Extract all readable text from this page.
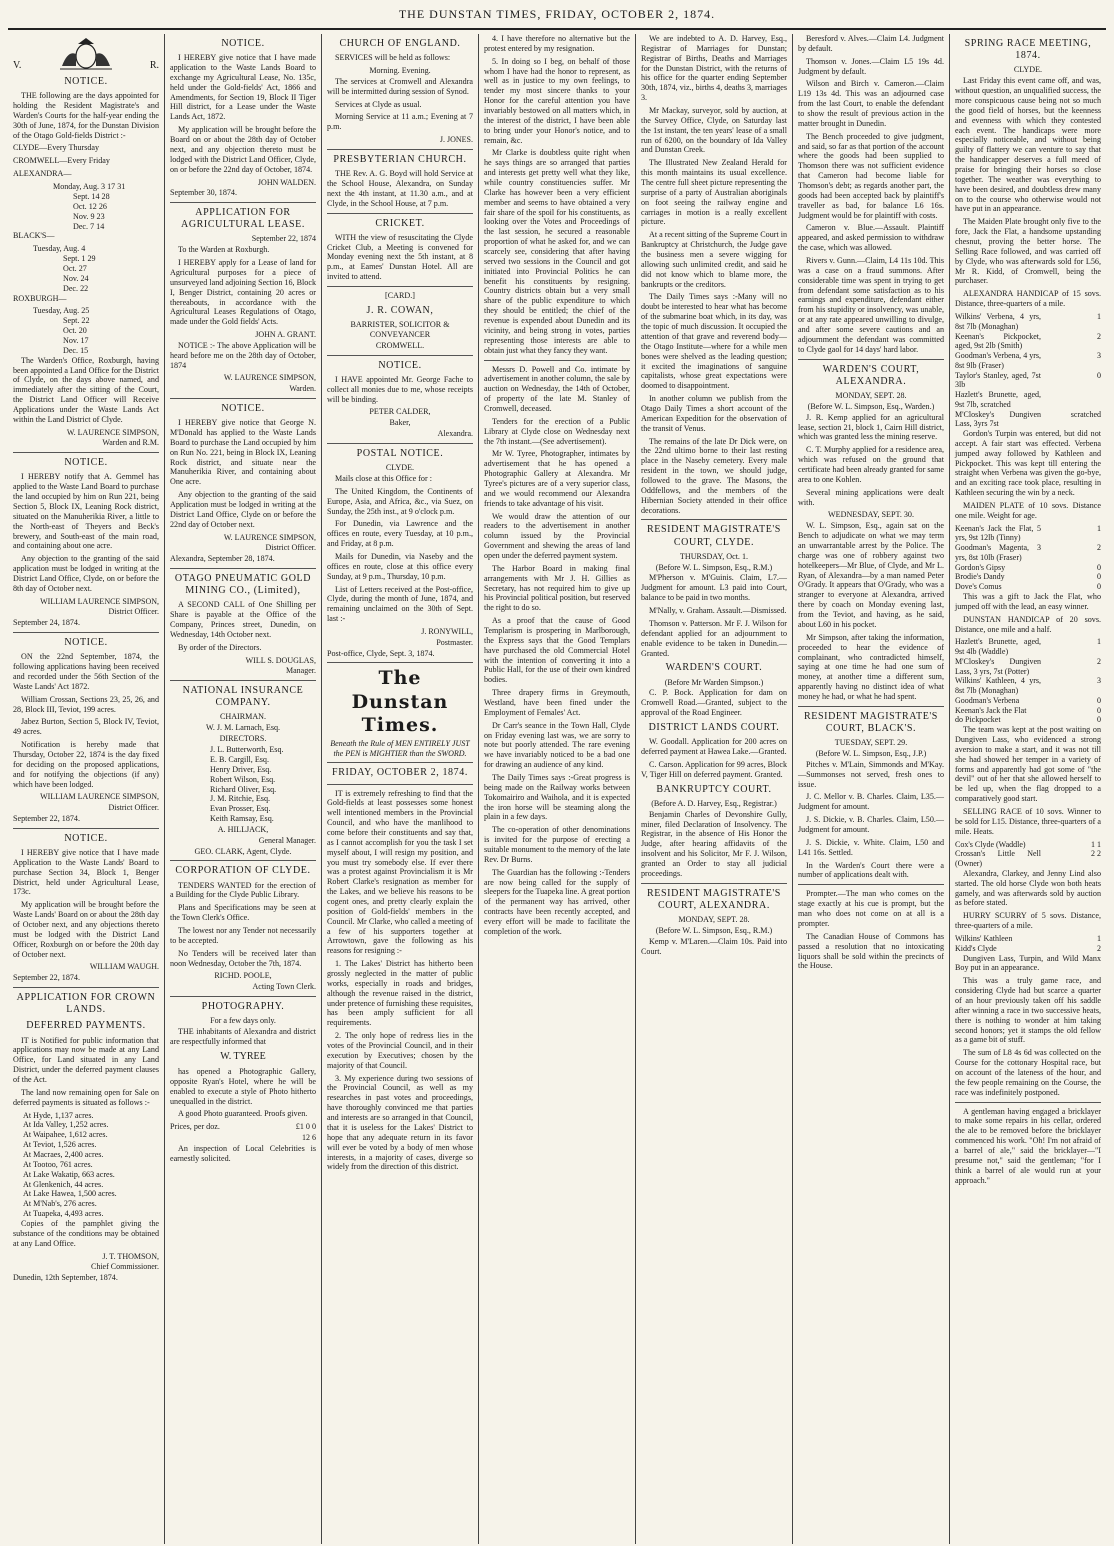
THE DUNSTAN TIMES, FRIDAY, OCTOBER 2, 1874.
V.	R.
NOTICE.

THE following are the days appointed for holding the Resident Magistrate's and Warden's Courts for the half-year ending the 30th of June, 1874, for the Dunstan Division of the Otago Gold-fields District :-

CLYDE—Every Thursday

CROMWELL—Every Friday

ALEXANDRA—

Monday, Aug. 3 17 31
Sept. 14 28
Oct. 12 26
Nov. 9 23
Dec. 7 14

BLACK'S—

Tuesday, Aug. 4
Sept. 1 29
Oct. 27
Nov. 24
Dec. 22

ROXBURGH—

Tuesday, Aug. 25
Sept. 22
Oct. 20
Nov. 17
Dec. 15

The Warden's Office, Roxburgh, having been appointed a Land Office for the District of Clyde, on the days above named, and immediately after the sitting of the Court, the District Land Officer will Receive Applications under the Waste Lands Act within the Land District of Clyde.

W. LAURENCE SIMPSON,
Warden and R.M.
NOTICE.

I HEREBY notify that A. Gemmel has applied to the Waste Land Board to purchase the land occupied by him on Run 221, being Section 5, Block IX, Leaning Rock district, situated on the Manuherikia River, a little to the North-east of Theyers and Beck's brewery, and South-east of the main road, and containing about one acre.

Any objection to the granting of the said application must be lodged in writing at the District Land Office, Clyde, on or before the 8th day of October next.

WILLIAM LAURENCE SIMPSON,
District Officer.

September 24, 1874.

NOTICE.

ON the 22nd September, 1874, the following applications having been received and recorded under the 56th Section of the Waste Lands' Act 1872.

William Crossan, Sections 23, 25, 26, and 28, Block III, Teviot, 199 acres.

Jabez Burton, Section 5, Block IV, Teviot, 49 acres.

Notification is hereby made that Thursday, October 22, 1874 is the day fixed for deciding on the proposed applications, and for notifying the objections (if any) which have been lodged.

WILLIAM LAURENCE SIMPSON,
District Officer.

September 22, 1874.

NOTICE.

I HEREBY give notice that I have made Application to the Waste Lands' Board to purchase Section 34, Block 1, Benger District, held under Agricultural Lease, 173c.

My application will be brought before the Waste Lands' Board on or about the 28th day of October next, and any objections thereto must be lodged with the District Land Officer, Roxburgh on or before the 20th day of October next.

WILLIAM WAUGH.

September 22, 1874.

APPLICATION FOR CROWN LANDS.
DEFERRED PAYMENTS.

IT is Notified for public information that applications may now be made at any Land Office, for Land situated in any Land District, under the deferred payment clauses of the Act.

The land now remaining open for Sale on deferred payments is situated as follows :-

At Hyde, 1,137 acres.
At Ida Valley, 1,252 acres.
At Waipahee, 1,612 acres.
At Teviot, 1,526 acres.
At Macraes, 2,400 acres.
At Tootoo, 761 acres.
At Lake Wakatip, 663 acres.
At Glenkenich, 44 acres.
At Lake Hawea, 1,500 acres.
At M'Nab's, 276 acres.
At Tuapeka, 4,493 acres.

Copies of the pamphlet giving the substance of the conditions may be obtained at any Land Office.

J. T. THOMSON,
Chief Commissioner.

Dunedin, 12th September, 1874.

NOTICE.

I HEREBY give notice that I have made application to the Waste Lands Board to exchange my Agricultural Lease, No. 135c, held under the Gold-fields' Act, 1866 and Amendments, for Section 19, Block II Tiger Hill district, for a Lease under the Waste Lands Act, 1872.

My application will be brought before the Board on or about the 28th day of October next, and any objection thereto must be lodged with the District Land Officer, Clyde, on or before the 22nd day of October, 1874.

JOHN WALDEN.

September 30, 1874.

APPLICATION FOR AGRICULTURAL LEASE.
September 22, 1874

To the Warden at Roxburgh.

I HEREBY apply for a Lease of land for Agricultural purposes for a piece of unsurveyed land adjoining Section 16, Block I, Benger District, containing 20 acres or thereabouts, in accordance with the Agricultural Leases Regulations of Otago, made under the Gold fields' Acts.

JOHN A. GRANT.

NOTICE :- The above Application will be heard before me on the 28th day of October, 1874

W. LAURENCE SIMPSON,
Warden.
NOTICE.

I HEREBY give notice that George N. M'Donald has applied to the Waste Lands Board to purchase the Land occupied by him on Run No. 221, being in Block IX, Leaning Rock district, and situate near the Manuherikia River, and containing about One acre.

Any objection to the granting of the said Application must be lodged in writing at the District Land Office, Clyde on or before the 22nd day of October next.

W. LAURENCE SIMPSON,
District Officer.

Alexandra, September 28, 1874.

OTAGO PNEUMATIC GOLD MINING CO., (Limited),

A SECOND CALL of One Shilling per Share is payable at the Office of the Company, Princes street, Dunedin, on Wednesday, 14th October next.

By order of the Directors.

WILL S. DOUGLAS,
Manager.
NATIONAL INSURANCE COMPANY.
CHAIRMAN.
W. J. M. Larnach, Esq.
DIRECTORS.
J. L. Butterworth, Esq.
E. B. Cargill, Esq.
Henry Driver, Esq.
Robert Wilson, Esq.
Richard Oliver, Esq.
J. M. Ritchie, Esq.
Evan Prosser, Esq.
Keith Ramsay, Esq.
A. HILLJACK,
General Manager.
GEO. CLARK, Agent, Clyde.
CORPORATION OF CLYDE.

TENDERS WANTED for the erection of a Building for the Clyde Public Library.

Plans and Specifications may be seen at the Town Clerk's Office.

The lowest nor any Tender not necessarily to be accepted.

No Tenders will be received later than noon Wednesday, October the 7th, 1874.

RICHD. POOLE,
Acting Town Clerk.
PHOTOGRAPHY.
For a few days only.

THE inhabitants of Alexandra and district are respectfully informed that

W. TYREE

has opened a Photographic Gallery, opposite Ryan's Hotel, where he will be enabled to execute a style of Photo hitherto unequalled in the district.

A good Photo guaranteed. Proofs given.

Prices, per doz.	£1 0 0
12 6

An inspection of Local Celebrities is earnestly solicited.

CHURCH OF ENGLAND.

SERVICES will be held as follows:

Morning. Evening.

The services at Cromwell and Alexandra will be intermitted during session of Synod.

Services at Clyde as usual.

Morning Service at 11 a.m.; Evening at 7 p.m.

J. JONES.
PRESBYTERIAN CHURCH.

THE Rev. A. G. Boyd will hold Service at the School House, Alexandra, on Sunday next the 4th instant, at 11.30 a.m., and at Clyde, in the School House, at 7 p.m.

CRICKET.

WITH the view of resuscitating the Clyde Cricket Club, a Meeting is convened for Monday evening next the 5th instant, at 8 p.m., at Eames' Dunstan Hotel. All are invited to attend.

[CARD.]
J. R. COWAN,
BARRISTER, SOLICITOR & CONVEYANCER
CROMWELL.
NOTICE.

I HAVE appointed Mr. George Fache to collect all monies due to me, whose receipts will be binding.

PETER CALDER,
Baker,
Alexandra.
POSTAL NOTICE.
CLYDE.

Mails close at this Office for :

The United Kingdom, the Continents of Europe, Asia, and Africa, &c., via Suez, on Sunday, the 25th inst., at 9 o'clock p.m.

For Dunedin, via Lawrence and the offices en route, every Tuesday, at 10 p.m., and Friday, at 8 p.m.

Mails for Dunedin, via Naseby and the offices en route, close at this office every Sunday, at 9 p.m., Thursday, 10 p.m.

List of Letters received at the Post-office, Clyde, during the month of June, 1874, and remaining unclaimed on the 30th of Sept. last :-

J. RONYWILL,
Postmaster.

Post-office, Clyde, Sept. 3, 1874.

The Dunstan Times.
Beneath the Rule of MEN ENTIRELY JUST the PEN is MIGHTIER than the SWORD.
FRIDAY, OCTOBER 2, 1874.

IT is extremely refreshing to find that the Gold-fields at least possesses some honest well intentioned members in the Provincial Council, and who have the manlihood to come before their constituents and say that, as I cannot accomplish for you the task I set myself about, I will resign my position, and you must try somebody else. If ever there was a protest against Provincialism it is Mr Robert Clarke's resignation as member for the Lakes, and we believe his reasons to be cogent ones, and pretty clearly explain the position of Gold-fields' members in the Council. Mr Clarke, who called a meeting of a few of his supporters together at Arrowtown, gave the following as his reasons for resigning :-

1. The Lakes' District has hitherto been grossly neglected in the matter of public works, especially in roads and bridges, although the revenue raised in the district, under pretence of furnishing these requisites, has been amply sufficient for all requirements.

2. The only hope of redress lies in the votes of the Provincial Council, and in their execution by Executives; chosen by the majority of that Council.

3. My experience during two sessions of the Provincial Council, as well as my researches in past votes and proceedings, have thoroughly convinced me that parties and interests are so arranged in that Council, that it is useless for the Lakes' District to hope that any adequate return in its favor will ever be voted by a body of men whose interests, in a majority of cases, diverge so widely from the direction of this district.

4. I have therefore no alternative but the protest entered by my resignation.

5. In doing so I beg, on behalf of those whom I have had the honor to represent, as well as in justice to my own feelings, to tender my most sincere thanks to your Honor for the careful attention you have invariably bestowed on all matters which, in the interest of the district, I have been able to bring under your Honor's notice, and to remain, &c.

Mr Clarke is doubtless quite right when he says things are so arranged that parties and interests get pretty well what they like, while country constituencies suffer. Mr Clarke has however been a very efficient member and seems to have obtained a very fair share of the spoil for his constituents, as looking over the Votes and Proceedings of the last session, he secured a reasonable proportion of what he asked for, and we can scarcely see, considering that after having served two sessions in the Council and got initiated into Provincial Politics he can benefit his constituents by resigning. Country districts obtain but a very small share of the public expenditure to which they should be entitled; the chief of the revenue is expended about Dunedin and its vicinity, and being strong in votes, parties representing those interests are able to obtain just what they fancy they want.

Messrs D. Powell and Co. intimate by advertisement in another column, the sale by auction on Wednesday, the 14th of October, of property of the late M. Stanley of Cromwell, deceased.

Tenders for the erection of a Public Library at Clyde close on Wednesday next the 7th instant.—(See advertisement).

Mr W. Tyree, Photographer, intimates by advertisement that he has opened a Photographic Gallery at Alexandra. Mr Tyree's pictures are of a very superior class, and we would recommend our Alexandra friends to take advantage of his visit.

We would draw the attention of our readers to the advertisement in another column issued by the Provincial Government and shewing the areas of land open under the deferred payment system.

The Harbor Board in making final arrangements with Mr J. H. Gillies as Secretary, has not required him to give up his Provincial political position, but reserved the right to do so.

As a proof that the cause of Good Templarism is prospering in Marlborough, the Express says that the Good Templars have purchased the old Commercial Hotel with the intention of converting it into a Public Hall, for the use of their own kindred bodies.

Three drapery firms in Greymouth, Westland, have been fined under the Employment of Females' Act.

Dr Carr's seance in the Town Hall, Clyde on Friday evening last was, we are sorry to note but poorly attended. The rare evening we have invariably noticed to be a bad one for drawing an audience of any kind.

The Daily Times says :-Great progress is being made on the Railway works between Tokomairiro and Waihola, and it is expected the iron horse will be steaming along the plain in a few days.

The co-operation of other denominations is invited for the purpose of erecting a suitable monument to the memory of the late Rev. Dr Burns.

The Guardian has the following :-Tenders are now being called for the supply of sleepers for the Tuapeka line. A great portion of the permanent way has arrived, other contracts have been recently accepted, and every effort will be made to facilitate the completion of the work.

We are indebted to A. D. Harvey, Esq., Registrar of Marriages for Dunstan; Registrar of Births, Deaths and Marriages for the Dunstan District, with the returns of his office for the quarter ending September 30th, 1874, viz., births 4, deaths 3, marriages 3.

Mr Mackay, surveyor, sold by auction, at the Survey Office, Clyde, on Saturday last the 1st instant, the ten years' lease of a small run of 6200, on the boundary of Ida Valley and Dunstan Creek.

The Illustrated New Zealand Herald for this month maintains its usual excellence. The centre full sheet picture representing the surprise of a party of Australian aboriginals on foot seeing the railway engine and carriages in motion is a really excellent picture.

At a recent sitting of the Supreme Court in Bankruptcy at Christchurch, the Judge gave the business men a severe wigging for allowing such unlimited credit, and said he did not know which to blame more, the bankrupts or the creditors.

The Daily Times says :-Many will no doubt be interested to hear what has become of the submarine boat which, in its day, was the topic of much discussion. It occupied the attention of that grave and reverend body—the Otago Institute—where for a while men bones were shelved as the leading question; it excited the imaginations of sanguine capitalists, whose great expectations were doomed to disappointment.

In another column we publish from the Otago Daily Times a short account of the American Expedition for the observation of the transit of Venus.

The remains of the late Dr Dick were, on the 22nd ultimo borne to their last resting place in the Naseby cemetery. Every male resident in the town, we should judge, followed to the grave. The Masons, the Oddfellows, and the members of the Hibernian Society attended in their office decorations.

RESIDENT MAGISTRATE'S COURT, CLYDE.
THURSDAY, Oct. 1.
(Before W. L. Simpson, Esq., R.M.)

M'Pherson v. M'Guinis. Claim, L7.—Judgment for amount. L3 paid into Court, balance to be paid in two months.

M'Nally, v. Graham. Assault.—Dismissed.

Thomson v. Patterson. Mr F. J. Wilson for defendant applied for an adjournment to enable evidence to be taken in Dunedin.—Granted.

WARDEN'S COURT.
(Before Mr Warden Simpson.)

C. P. Bock. Application for dam on Cromwell Road.—Granted, subject to the approval of the Road Engineer.

DISTRICT LANDS COURT.

W. Goodall. Application for 200 acres on deferred payment at Hawea Lake.—Granted.

C. Carson. Application for 99 acres, Block V, Tiger Hill on deferred payment. Granted.

BANKRUPTCY COURT.
(Before A. D. Harvey, Esq., Registrar.)

Benjamin Charles of Devonshire Gully, miner, filed Declaration of Insolvency. The Registrar, in the absence of His Honor the Judge, after hearing affidavits of the insolvent and his Solicitor, Mr F. J. Wilson, granted an Order to stay all judicial proceedings.

RESIDENT MAGISTRATE'S COURT, ALEXANDRA.
MONDAY, SEPT. 28.
(Before W. L. Simpson, Esq., R.M.)

Kemp v. M'Laren.—Claim 10s. Paid into Court.

Beresford v. Alves.—Claim L4. Judgment by default.

Thomson v. Jones.—Claim L5 19s 4d. Judgment by default.

Wilson and Birch v. Cameron.—Claim L19 13s 4d. This was an adjourned case from the last Court, to enable the defendant to show the result of previous action in the matter brought in Dunedin.

The Bench proceeded to give judgment, and said, so far as that portion of the account where the goods had been supplied to Thomson there was not sufficient evidence that Cameron had become liable for Thomson's debt; as regards another part, the goods had been accepted back by plaintiff's traveller as bad, for balance L6 16s. Judgment would be for plaintiff with costs.

Cameron v. Blue.—Assault. Plaintiff appeared, and asked permission to withdraw the case, which was allowed.

Rivers v. Gunn.—Claim, L4 11s 10d. This was a case on a fraud summons. After considerable time was spent in trying to get from defendant some satisfaction as to his earnings and expenditure, defendant either from his stupidity or insolvency, was unable, or at any rate appeared unwilling to divulge, and after some severe cautions and an adjournment the defendant was committed to Clyde gaol for 14 days' hard labor.

WARDEN'S COURT, ALEXANDRA.
MONDAY, SEPT. 28.
(Before W. L. Simpson, Esq., Warden.)

J. R. Kemp applied for an agricultural lease, section 21, block 1, Cairn Hill district, which was granted less the mining reserve.

C. T. Murphy applied for a residence area, which was refused on the ground that certificate had been already granted for same area to one Kohlen.

Several mining applications were dealt with.

WEDNESDAY, SEPT. 30.

W. L. Simpson, Esq., again sat on the Bench to adjudicate on what we may term an unwarrantable arrest by the Police. The charge was one of robbery against two hotelkeepers—Mr Blue, of Clyde, and Mr L. Ryan, of Alexandra—by a man named Peter O'Grady. It appears that O'Grady, who was a stranger to everyone at Alexandra, arrived there by coach on Monday evening last, from the Teviot, and having, as he said, about L60 in his pocket.

Mr Simpson, after taking the information, proceeded to hear the evidence of complainant, who contradicted himself, saying at one time he had one sum of money, at another time a different sum, apparently having no distinct idea of what money he had, or what he had spent.

RESIDENT MAGISTRATE'S COURT, BLACK'S.
TUESDAY, SEPT. 29.
(Before W. L. Simpson, Esq., J.P.)

Pitches v. M'Lain, Simmonds and M'Kay.—Summonses not served, fresh ones to issue.

J. C. Mellor v. B. Charles. Claim, L35.—Judgment for amount.

J. S. Dickie, v. B. Charles. Claim, L50.—Judgment for amount.

J. S. Dickie, v. White. Claim, L50 and L41 16s. Settled.

In the Warden's Court there were a number of applications dealt with.

Prompter.—The man who comes on the stage exactly at his cue is prompt, but the man who does not come on at all is a prompter.

The Canadian House of Commons has passed a resolution that no intoxicating liquors shall be sold within the precincts of the House.

SPRING RACE MEETING, 1874.
CLYDE.

Last Friday this event came off, and was, without question, an unqualified success, the more conspicuous cause being not so much the good field of horses, but the keenness and evenness with which they contested each event. The handicaps were more especially noticeable, and without being guilty of flattery we can venture to say that the handicapper deserves a full meed of praise for bringing their horses so close together. The weather was everything to have been desired, and doubtless drew many on to the course who otherwise would not have put in an appearance.

The Maiden Plate brought only five to the fore, Jack the Flat, a handsome upstanding chesnut, proving the better horse. The Selling Race followed, and was carried off by Clyde, who was afterwards sold for L56, Mr R. Kidd, of Cromwell, being the purchaser.

ALEXANDRA HANDICAP of 15 sovs. Distance, three-quarters of a mile.

Wilkins' Verbena, 4 yrs, 8st 7lb (Monaghan)
1
Keenan's Pickpocket, aged, 9st 2lb (Smith)
2
Goodman's Verbena, 4 yrs, 8st 9lb (Fraser)
3
Taylor's Stanley, aged, 7st 3lb
0
Hazlett's Brunette, aged, 9st 7lb, scratched
M'Closkey's Dungiven Lass, 3yrs 7st
scratched

Gordon's Turpin was entered, but did not accept. A fair start was effected. Verbena jumped away followed by Kathleen and Pickpocket. This was kept till entering the straight when Verbena was given the go-bye, and an exciting race took place, resulting in Kathleen securing the win by a neck.

MAIDEN PLATE of 10 sovs. Distance one mile. Weight for age.

Keenan's Jack the Flat, 5 yrs, 9st 12lb (Tinny)
1
Goodman's Magenta, 3 yrs, 8st 10lb (Fraser)
2
Gordon's Gipsy	0
Brodie's Dandy	0
Dove's Comus	0

This was a gift to Jack the Flat, who jumped off with the lead, an easy winner.

DUNSTAN HANDICAP of 20 sovs. Distance, one mile and a half.

Hazlett's Brunette, aged, 9st 4lb (Waddle)
1
M'Closkey's Dungiven Lass, 3 yrs, 7st (Potter)
2
Wilkins' Kathleen, 4 yrs, 8st 7lb (Monaghan)
3
Goodman's Verbena	0
Keenan's Jack the Flat	0
do Pickpocket	0

The team was kept at the post waiting on Dungiven Lass, who evidenced a strong aversion to make a start, and it was not till she had showed her temper in a variety of forms and apparently had got some of "the devil" out of her that she allowed herself to be led up, when the flag dropped to a comparatively good start.

SELLING RACE of 10 sovs. Winner to be sold for L15. Distance, three-quarters of a mile. Heats.

Cox's Clyde (Waddle)	1 1
Crossan's Little Nell (Owner)
2 2

Alexandra, Clarkey, and Jenny Lind also started. The old horse Clyde won both heats gamely, and was afterwards sold by auction as before stated.

HURRY SCURRY of 5 sovs. Distance, three-quarters of a mile.

Wilkins' Kathleen	1
Kidd's Clyde	2

Dungiven Lass, Turpin, and Wild Manx Boy put in an appearance.

This was a truly game race, and considering Clyde had but scarce a quarter of an hour previously taken off his saddle after winning a race in two successive heats, there is nothing to wonder at him taking second honors; yet it stamps the old fellow as a game bit of stuff.

The sum of L8 4s 6d was collected on the Course for the cottonary Hospital race, but on account of the lateness of the hour, and the few people remaining on the Course, the race was indefinitely postponed.

A gentleman having engaged a bricklayer to make some repairs in his cellar, ordered the ale to be removed before the bricklayer commenced his work. "Oh! I'm not afraid of a barrel of ale," said the bricklayer—"I presume not," said the gentleman; "for I think a barrel of ale would run at your approach."
